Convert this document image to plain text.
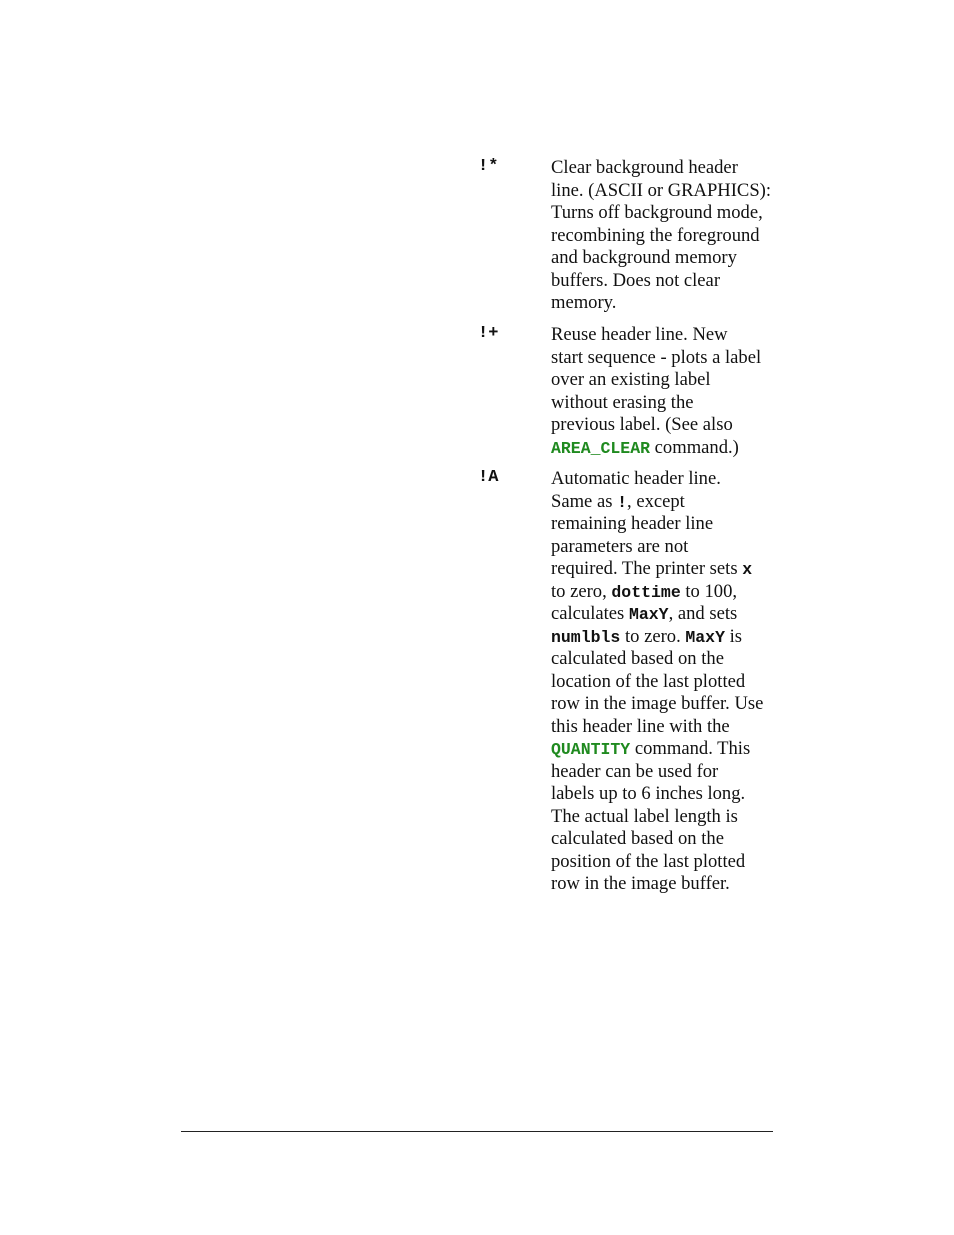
!*	Clear background header
line. (ASCII or GRAPHICS):
Turns off background mode,
recombining the foreground
and background memory
buffers. Does not clear
memory.
!+	Reuse header line. New
start sequence - plots a label
over an existing label
without erasing the
previous label. (See also
AREA_CLEAR command.)
!A	Automatic header line.
Same as !, except
remaining header line
parameters are not
required. The printer sets x
to zero, dottime to 100,
calculates MaxY, and sets
numlbls to zero. MaxY is
calculated based on the
location of the last plotted
row in the image buffer. Use
this header line with the
QUANTITY command. This
header can be used for
labels up to 6 inches long.
The actual label length is
calculated based on the
position of the last plotted
row in the image buffer.
